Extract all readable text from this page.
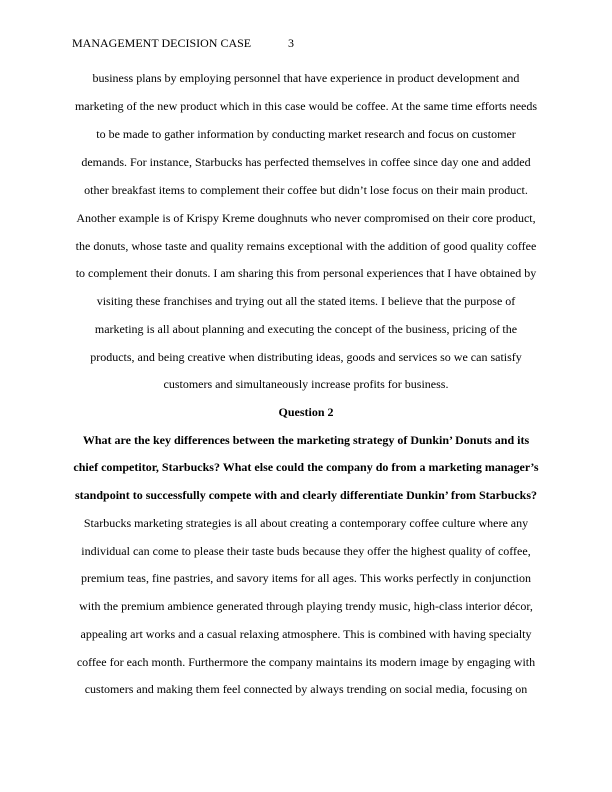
MANAGEMENT DECISION CASE	3
business plans by employing personnel that have experience in product development and
marketing of the new product which in this case would be coffee. At the same time efforts needs
to be made to gather information by conducting market research and focus on customer
demands. For instance, Starbucks has perfected themselves in coffee since day one and added
other breakfast items to complement their coffee but didn’t lose focus on their main product.
Another example is of Krispy Kreme doughnuts who never compromised on their core product,
the donuts, whose taste and quality remains exceptional with the addition of good quality coffee
to complement their donuts. I am sharing this from personal experiences that I have obtained by
visiting these franchises and trying out all the stated items. I believe that the purpose of
marketing is all about planning and executing the concept of the business, pricing of the
products, and being creative when distributing ideas, goods and services so we can satisfy
customers and simultaneously increase profits for business.
Question 2
What are the key differences between the marketing strategy of Dunkin’ Donuts and its
chief competitor, Starbucks? What else could the company do from a marketing manager’s
standpoint to successfully compete with and clearly differentiate Dunkin’ from Starbucks?
Starbucks marketing strategies is all about creating a contemporary coffee culture where any
individual can come to please their taste buds because they offer the highest quality of coffee,
premium teas, fine pastries, and savory items for all ages. This works perfectly in conjunction
with the premium ambience generated through playing trendy music, high-class interior décor,
appealing art works and a casual relaxing atmosphere. This is combined with having specialty
coffee for each month. Furthermore the company maintains its modern image by engaging with
customers and making them feel connected by always trending on social media, focusing on
